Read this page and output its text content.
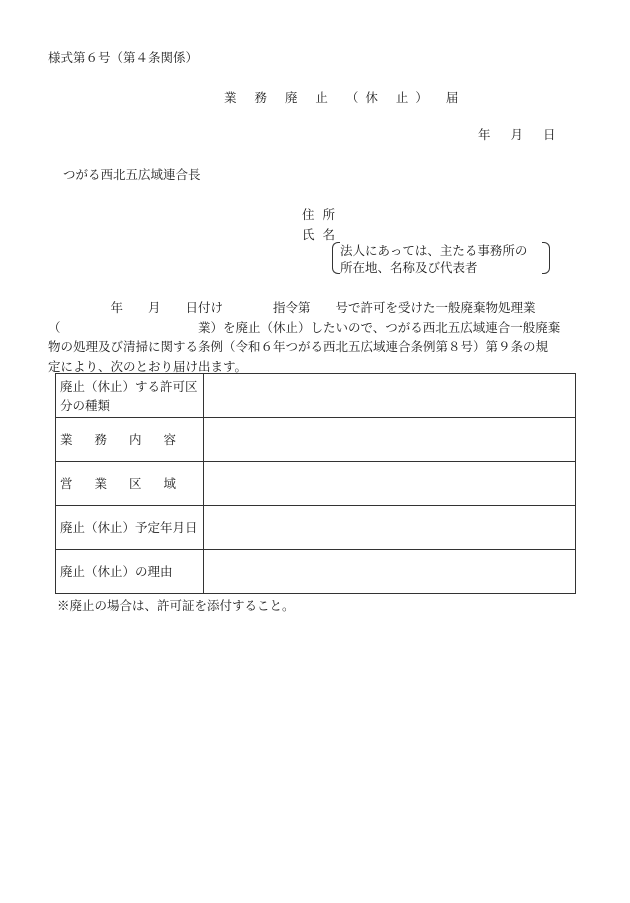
様式第６号（第４条関係）
業 務 廃 止 （休 止） 届
年 月 日
つがる西北五広域連合長
住所
氏名
法人にあっては、主たる事務所の
所在地、名称及び代表者
　　　　　年　　月　　日付け　　　　指令第　　号で許可を受けた一般廃棄物処理業
（　　　　　　　　　　　業）を廃止（休止）したいので、つがる西北五広域連合一般廃棄
物の処理及び清掃に関する条例（令和６年つがる西北五広域連合条例第８号）第９条の規
定により、次のとおり届け出ます。
廃止（休止）する許可区分の種類	
業務内容	
営業区域	
廃止（休止）予定年月日	
廃止（休止）の理由	
※廃止の場合は、許可証を添付すること。
